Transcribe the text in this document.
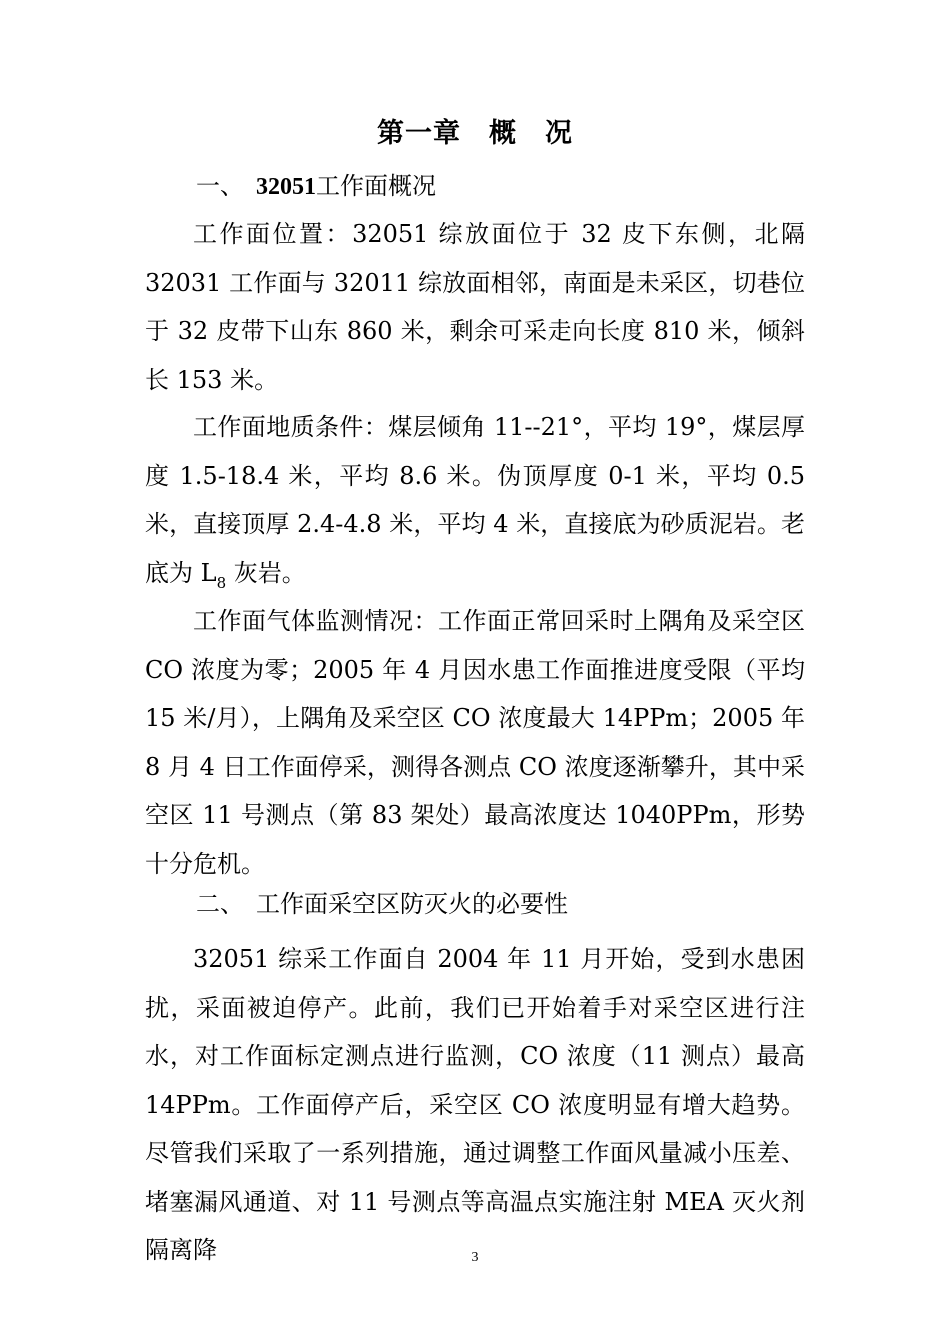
第一章　概　况
一、　32051工作面概况

工作面位置：32051 综放面位于 32 皮下东侧，北隔 32031 工作面与 32011 综放面相邻，南面是未采区，切巷位于 32 皮带下山东 860 米，剩余可采走向长度 810 米，倾斜长 153 米。

工作面地质条件：煤层倾角 11--21°，平均 19°，煤层厚度 1.5-18.4 米，平均 8.6 米。伪顶厚度 0-1 米，平均 0.5 米，直接顶厚 2.4-4.8 米，平均 4 米，直接底为砂质泥岩。老底为 $L_8$ 灰岩。

工作面气体监测情况：工作面正常回采时上隅角及采空区 CO 浓度为零；2005 年 4 月因水患工作面推进度受限（平均 15 米/月），上隅角及采空区 CO 浓度最大 14PPm；2005 年 8 月 4 日工作面停采，测得各测点 CO 浓度逐渐攀升，其中采空区 11 号测点（第 83 架处）最高浓度达 1040PPm，形势十分危机。

二、　工作面采空区防灭火的必要性

32051 综采工作面自 2004 年 11 月开始，受到水患困扰，采面被迫停产。此前，我们已开始着手对采空区进行注水，对工作面标定测点进行监测，CO 浓度（11 测点）最高 14PPm。工作面停产后，采空区 CO 浓度明显有增大趋势。尽管我们采取了一系列措施，通过调整工作面风量减小压差、堵塞漏风通道、对 11 号测点等高温点实施注射 MEA 灭火剂隔离降	3
